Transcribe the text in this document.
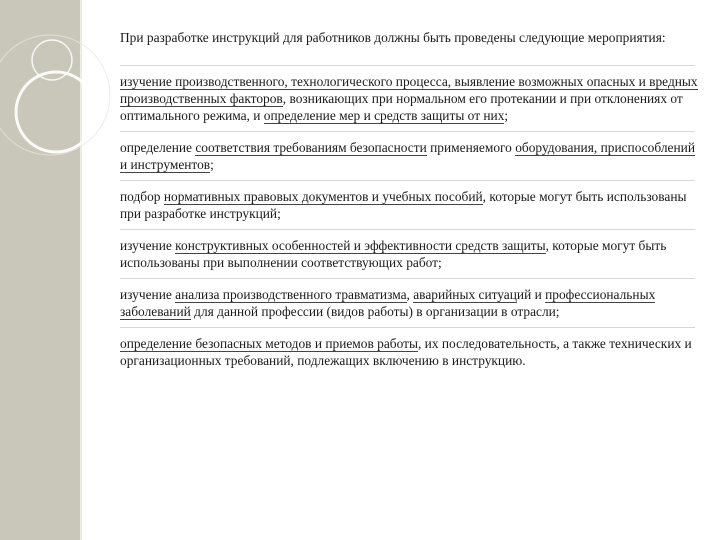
При разработке инструкций для работников должны быть проведены следующие мероприятия:

изучение производственного, технологического процесса, выявление возможных опасных и вредных производственных факторов, возникающих при нормальном его протекании и при отклонениях от оптимального режима, и определение мер и средств защиты от них;

определение соответствия требованиям безопасности применяемого оборудования, приспособлений и инструментов;

подбор нормативных правовых документов и учебных пособий, которые могут быть использованы при разработке инструкций;

изучение конструктивных особенностей и эффективности средств защиты, которые могут быть использованы при выполнении соответствующих работ;

изучение анализа производственного травматизма, аварийных ситуаций и профессиональных заболеваний для данной профессии (видов работы) в организации в отрасли;

определение безопасных методов и приемов работы, их последовательность, а также технических и организационных требований, подлежащих включению в инструкцию.
